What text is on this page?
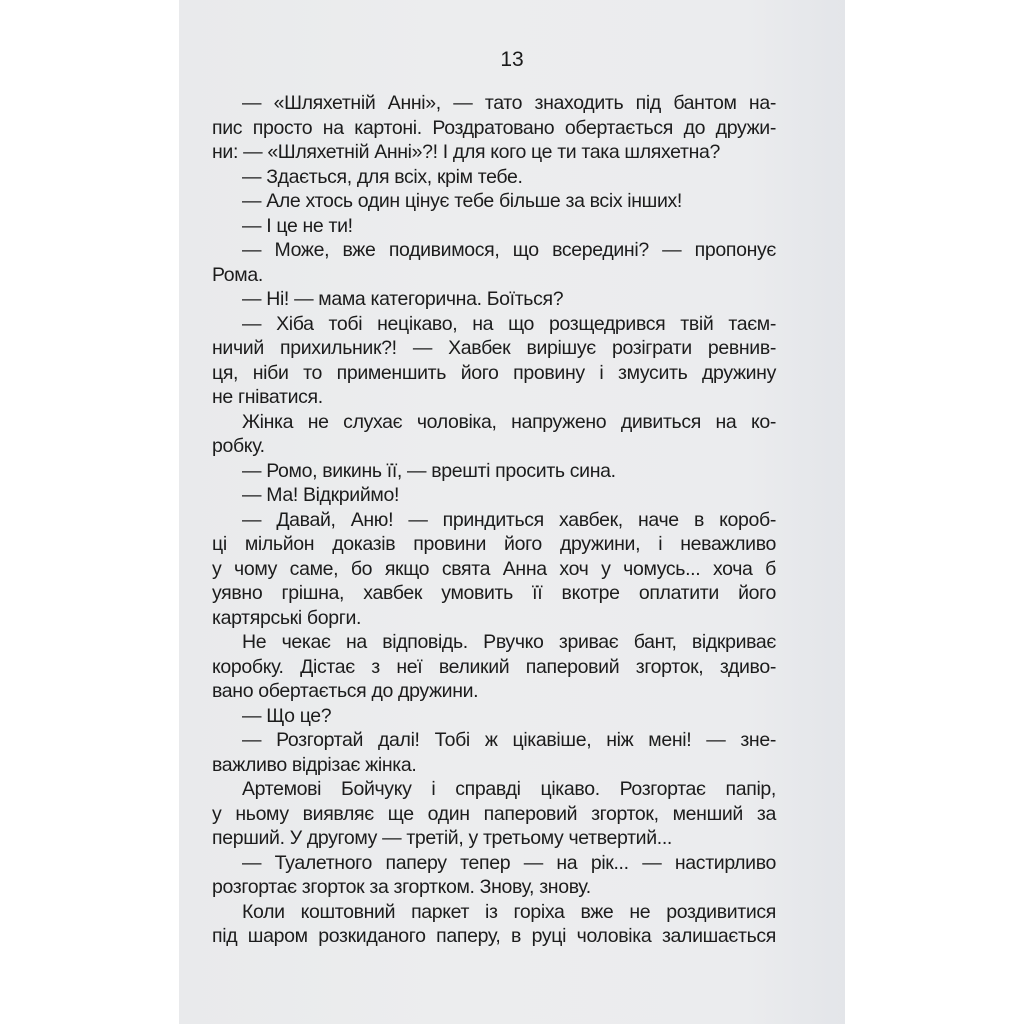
13
— «Шляхетній Анні», — тато знаходить під бантом на-
пис просто на картоні. Роздратовано обертається до дружи-
ни: — «Шляхетній Анні»?! І для кого це ти така шляхетна?
— Здається, для всіх, крім тебе.
— Але хтось один цінує тебе більше за всіх інших!
— І це не ти!
— Може, вже подивимося, що всередині? — пропонує
Рома.
— Ні! — мама категорична. Боїться?
— Хіба тобі нецікаво, на що розщедрився твій таєм-
ничий прихильник?! — Хавбек вирішує розіграти ревнив-
ця, ніби то применшить його провину і змусить дружину
не гніватися.
Жінка не слухає чоловіка, напружено дивиться на ко-
робку.
— Ромо, викинь її, — врешті просить сина.
— Ма! Відкриймо!
— Давай, Аню! — приндиться хавбек, наче в короб-
ці мільйон доказів провини його дружини, і неважливо
у чому саме, бо якщо свята Анна хоч у чомусь... хоча б
уявно грішна, хавбек умовить її вкотре оплатити його
картярські борги.
Не чекає на відповідь. Рвучко зриває бант, відкриває
коробку. Дістає з неї великий паперовий згорток, здиво-
вано обертається до дружини.
— Що це?
— Розгортай далі! Тобі ж цікавіше, ніж мені! — зне-
важливо відрізає жінка.
Артемові Бойчуку і справді цікаво. Розгортає папір,
у ньому виявляє ще один паперовий згорток, менший за
перший. У другому — третій, у третьому четвертий...
— Туалетного паперу тепер — на рік... — настирливо
розгортає згорток за згортком. Знову, знову.
Коли коштовний паркет із горіха вже не роздивитися
під шаром розкиданого паперу, в руці чоловіка залишається
